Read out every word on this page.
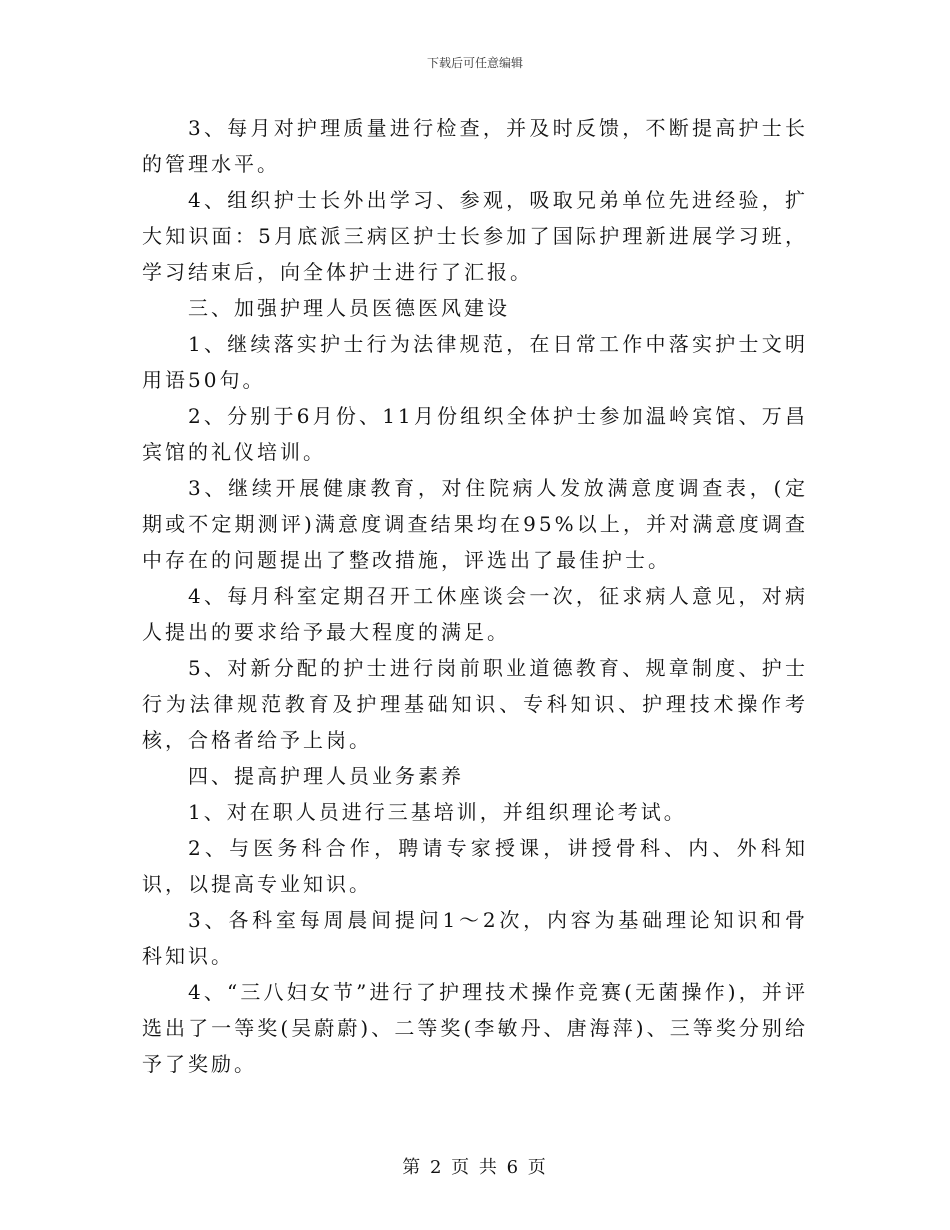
下载后可任意编辑

3、每月对护理质量进行检查，并及时反馈，不断提高护士长的管理水平。

4、组织护士长外出学习、参观，吸取兄弟单位先进经验，扩大知识面：5月底派三病区护士长参加了国际护理新进展学习班，学习结束后，向全体护士进行了汇报。

三、加强护理人员医德医风建设

1、继续落实护士行为法律规范，在日常工作中落实护士文明用语50句。

2、分别于6月份、11月份组织全体护士参加温岭宾馆、万昌宾馆的礼仪培训。

3、继续开展健康教育，对住院病人发放满意度调查表，(定期或不定期测评)满意度调查结果均在95%以上，并对满意度调查中存在的问题提出了整改措施，评选出了最佳护士。

4、每月科室定期召开工休座谈会一次，征求病人意见，对病人提出的要求给予最大程度的满足。

5、对新分配的护士进行岗前职业道德教育、规章制度、护士行为法律规范教育及护理基础知识、专科知识、护理技术操作考核，合格者给予上岗。

四、提高护理人员业务素养

1、对在职人员进行三基培训，并组织理论考试。

2、与医务科合作，聘请专家授课，讲授骨科、内、外科知识，以提高专业知识。

3、各科室每周晨间提问1～2次，内容为基础理论知识和骨科知识。

4、“三八妇女节”进行了护理技术操作竞赛(无菌操作)，并评选出了一等奖(吴蔚蔚)、二等奖(李敏丹、唐海萍)、三等奖分别给予了奖励。

第 2 页 共 6 页
